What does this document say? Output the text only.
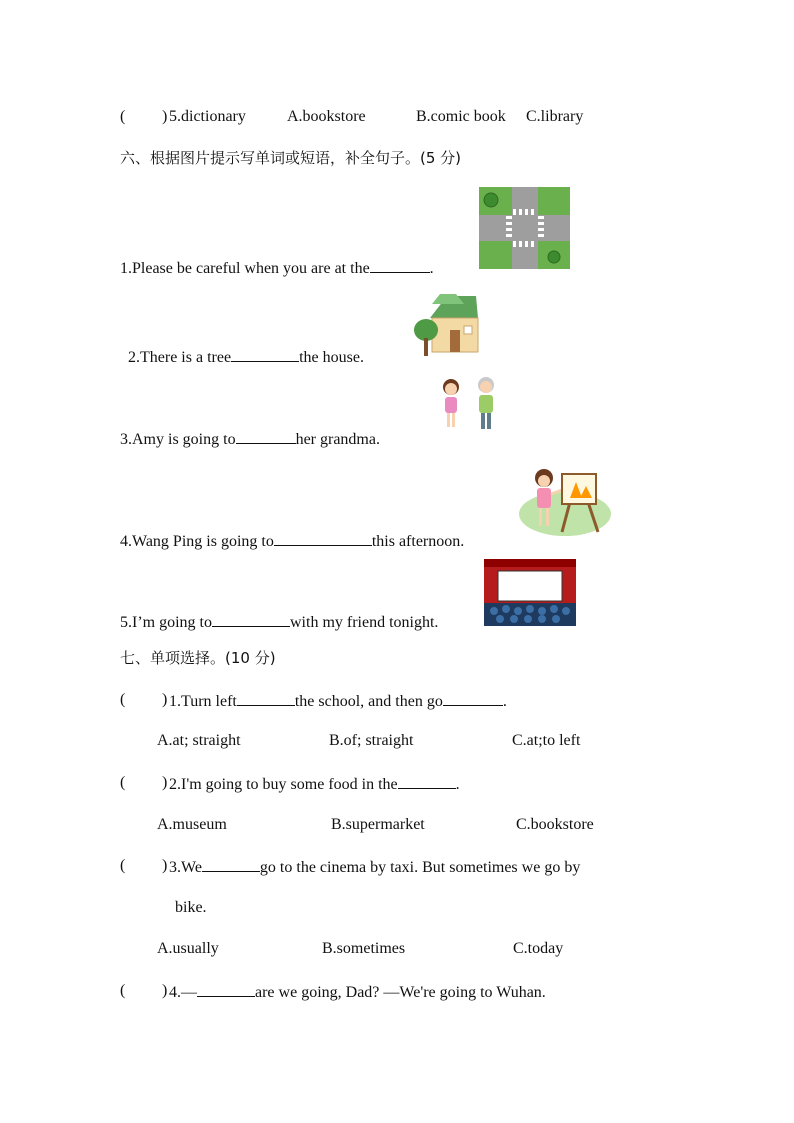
( ) 5.dictionary	A.bookstore	B.comic book C.library
六、根据图片提示写单词或短语，补全句子。(5 分)
1.Please be careful when you are at the	.
2.There is a tree	the house.
3.Amy is going to	her grandma.
4.Wang Ping is going to	this afternoon.
5.I’m going to	with my friend tonight.
七、单项选择。(10 分)
( ) 1.Turn left	the school, and then go	.
A.at; straight	B.of; straight	C.at;to left
( ) 2.I'm going to buy some food in the	.
A.museum	B.supermarket	C.bookstore
( ) 3.We	go to the cinema by taxi. But sometimes we go by
bike.
A.usually	B.sometimes	C.today
( ) 4.—	are we going, Dad? —We're going to Wuhan.
